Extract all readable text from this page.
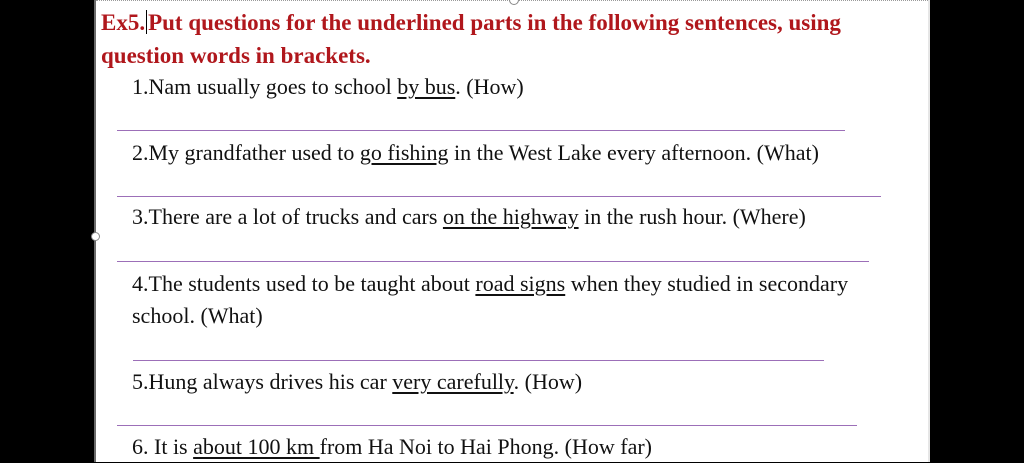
Ex5. Put questions for the underlined parts in the following sentences, using
question words in brackets.
1.Nam usually goes to school by bus. (How)
2.My grandfather used to go fishing in the West Lake every afternoon. (What)
3.There are a lot of trucks and cars on the highway in the rush hour. (Where)
4.The students used to be taught about road signs when they studied in secondary
school. (What)
5.Hung always drives his car very carefully. (How)
6. It is about 100 km from Ha Noi to Hai Phong. (How far)
